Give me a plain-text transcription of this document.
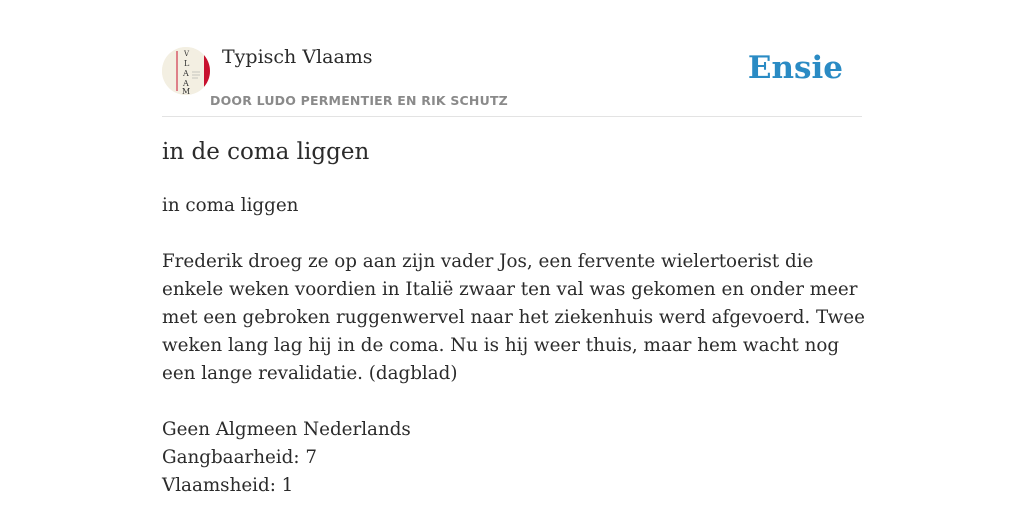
V
L
A
A
M
Typisch Vlaams
DOOR LUDO PERMENTIER EN RIK SCHUTZ
Ensie
in de coma liggen

in coma liggen

Frederik droeg ze op aan zijn vader Jos, een fervente wielertoerist die enkele weken voordien in Italië zwaar ten val was gekomen en onder meer met een gebroken ruggenwervel naar het ziekenhuis werd afgevoerd. Twee weken lang lag hij in de coma. Nu is hij weer thuis, maar hem wacht nog een lange revalidatie. (dagblad)

Geen Algmeen Nederlands

Gangbaarheid: 7

Vlaamsheid: 1
